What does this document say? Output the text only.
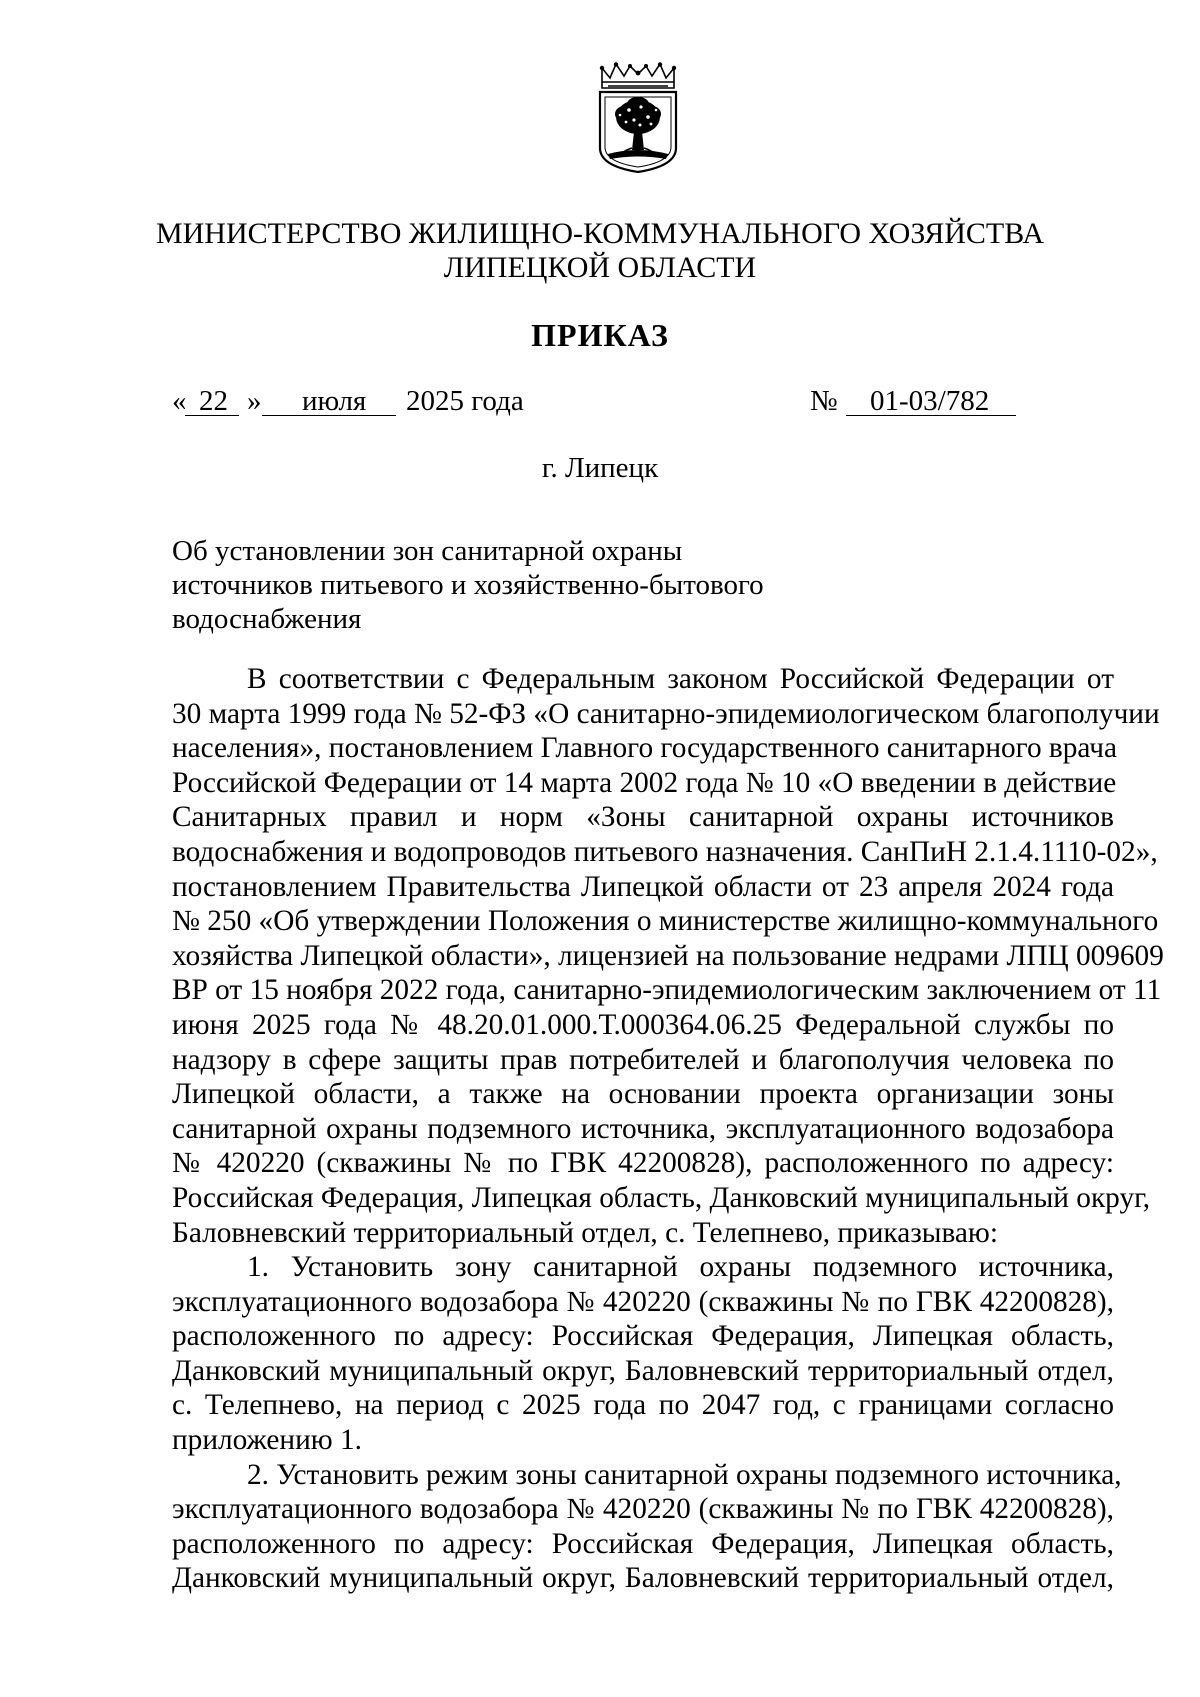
МИНИСТЕРСТВО ЖИЛИЩНО-КОММУНАЛЬНОГО ХОЗЯЙСТВА
ЛИПЕЦКОЙ ОБЛАСТИ
ПРИКАЗ
« 22 » июля 2025 года	№ 01-03/782
г. Липецк
Об установлении зон санитарной охраны
источников питьевого и хозяйственно-бытового
водоснабжения
В соответствии с Федеральным законом Российской Федерации от
30 марта 1999 года № 52-ФЗ «О санитарно-эпидемиологическом благополучии
населения», постановлением Главного государственного санитарного врача
Российской Федерации от 14 марта 2002 года № 10 «О введении в действие
Санитарных правил и норм «Зоны санитарной охраны источников
водоснабжения и водопроводов питьевого назначения. СанПиН 2.1.4.1110-02»,
постановлением Правительства Липецкой области от 23 апреля 2024 года
№ 250 «Об утверждении Положения о министерстве жилищно-коммунального
хозяйства Липецкой области», лицензией на пользование недрами ЛПЦ 009609
ВР от 15 ноября 2022 года, санитарно-эпидемиологическим заключением от 11
июня 2025 года № 48.20.01.000.Т.000364.06.25 Федеральной службы по
надзору в сфере защиты прав потребителей и благополучия человека по
Липецкой области, а также на основании проекта организации зоны
санитарной охраны подземного источника, эксплуатационного водозабора
№ 420220 (скважины № по ГВК 42200828), расположенного по адресу:
Российская Федерация, Липецкая область, Данковский муниципальный округ,
Баловневский территориальный отдел, с. Телепнево, приказываю:
1. Установить зону санитарной охраны подземного источника,
эксплуатационного водозабора № 420220 (скважины № по ГВК 42200828),
расположенного по адресу: Российская Федерация, Липецкая область,
Данковский муниципальный округ, Баловневский территориальный отдел,
с. Телепнево, на период с 2025 года по 2047 год, с границами согласно
приложению 1.
2. Установить режим зоны санитарной охраны подземного источника,
эксплуатационного водозабора № 420220 (скважины № по ГВК 42200828),
расположенного по адресу: Российская Федерация, Липецкая область,
Данковский муниципальный округ, Баловневский территориальный отдел,
